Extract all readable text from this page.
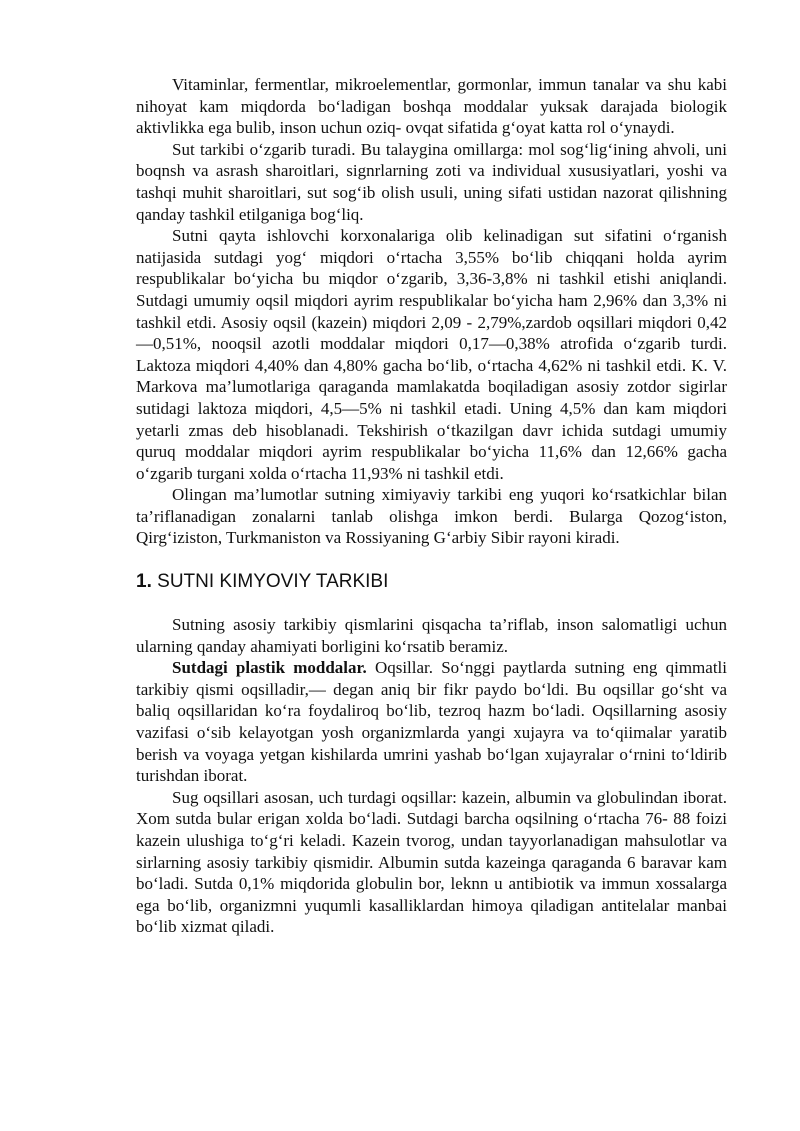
Vitaminlar, fermentlar, mikroelementlar, gormonlar, immun tanalar va shu kabi nihoyat kam miqdorda bo‘ladigan boshqa moddalar yuksak darajada biologik aktivlikka ega bulib, inson uchun oziq- ovqat sifatida g‘oyat katta rol o‘ynaydi.

Sut tarkibi o‘zgarib turadi. Bu talaygina omillarga: mol sog‘lig‘ining ahvoli, uni boqnsh va asrash sharoitlari, signrlarning zoti va individual xususiyatlari, yoshi va tashqi muhit sharoitlari, sut sog‘ib olish usuli, uning sifati ustidan nazorat qilishning qanday tashkil etilganiga bog‘liq.

Sutni qayta ishlovchi korxonalariga olib kelinadigan sut sifatini o‘rganish natijasida sutdagi yog‘ miqdori o‘rtacha 3,55% bo‘lib chiqqani holda ayrim respublikalar bo‘yicha bu miqdor o‘zgarib, 3,36-3,8% ni tashkil etishi aniqlandi. Sutdagi umumiy oqsil miqdori ayrim respublikalar bo‘yicha ham 2,96% dan 3,3% ni tashkil etdi. Asosiy oqsil (kazein) miqdori 2,09 - 2,79%,zardob oqsillari miqdori 0,42—0,51%, nooqsil azotli moddalar miqdori 0,17—0,38% atrofida o‘zgarib turdi. Laktoza miqdori 4,40% dan 4,80% gacha bo‘lib, o‘rtacha 4,62% ni tashkil etdi. K. V. Markova ma’lumotlariga qaraganda mamlakatda boqiladigan asosiy zotdor sigirlar sutidagi laktoza miqdori, 4,5—5% ni tashkil etadi. Uning 4,5% dan kam miqdori yetarli zmas deb hisoblanadi. Tekshirish o‘tkazilgan davr ichida sutdagi umumiy quruq moddalar miqdori ayrim respublikalar bo‘yicha 11,6% dan 12,66% gacha o‘zgarib turgani xolda o‘rtacha 11,93% ni tashkil etdi.

Olingan ma’lumotlar sutning ximiyaviy tarkibi eng yuqori ko‘rsatkichlar bilan ta’riflanadigan zonalarni tanlab olishga imkon berdi. Bularga Qozog‘iston, Qirg‘iziston, Turkmaniston va Rossiyaning G‘arbiy Sibir rayoni kiradi.

1. SUTNI KIMYOVIY TARKIBI

Sutning asosiy tarkibiy qismlarini qisqacha ta’riflab, inson salomatligi uchun ularning qanday ahamiyati borligini ko‘rsatib beramiz.

Sutdagi plastik moddalar. Oqsillar. So‘nggi paytlarda sutning eng qimmatli tarkibiy qismi oqsilladir,— degan aniq bir fikr paydo bo‘ldi. Bu oqsillar go‘sht va baliq oqsillaridan ko‘ra foydaliroq bo‘lib, tezroq hazm bo‘ladi. Oqsillarning asosiy vazifasi o‘sib kelayotgan yosh organizmlarda yangi xujayra va to‘qiimalar yaratib berish va voyaga yetgan kishilarda umrini yashab bo‘lgan xujayralar o‘rnini to‘ldirib turishdan iborat.

Sug oqsillari asosan, uch turdagi oqsillar: kazein, albumin va globulindan iborat. Xom sutda bular erigan xolda bo‘ladi. Sutdagi barcha oqsilning o‘rtacha 76- 88 foizi kazein ulushiga to‘g‘ri keladi. Kazein tvorog, undan tayyorlanadigan mahsulotlar va sirlarning asosiy tarkibiy qismidir. Albumin sutda kazeinga qaraganda 6 baravar kam bo‘ladi. Sutda 0,1% miqdorida globulin bor, leknn u antibiotik va immun xossalarga ega bo‘lib, organizmni yuqumli kasalliklardan himoya qiladigan antitelalar manbai bo‘lib xizmat qiladi.
